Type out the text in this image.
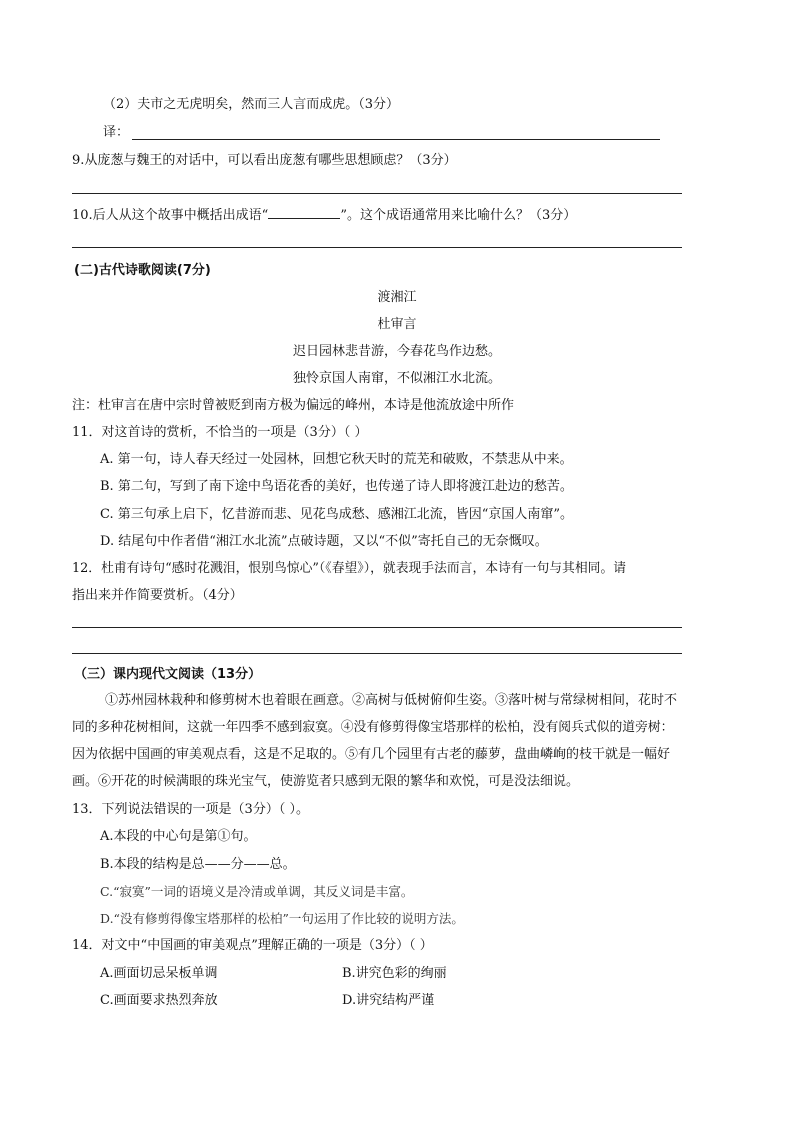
（2）夫市之无虎明矣，然而三人言而成虎。（3分）
译：
9.从庞葱与魏王的对话中，可以看出庞葱有哪些思想顾虑？（3分）
10.后人从这个故事中概括出成语“	”。这个成语通常用来比喻什么？（3分）
(二)古代诗歌阅读(7分)
渡湘江
杜审言
迟日园林悲昔游，今春花鸟作边愁。
独怜京国人南窜，不似湘江水北流。
注：杜审言在唐中宗时曾被贬到南方极为偏远的峰州，本诗是他流放途中所作
11．对这首诗的赏析，不恰当的一项是（3分）（ ）
A. 第一句，诗人春天经过一处园林，回想它秋天时的荒芜和破败，不禁悲从中来。
B. 第二句，写到了南下途中鸟语花香的美好，也传递了诗人即将渡江赴边的愁苦。
C. 第三句承上启下，忆昔游而悲、见花鸟成愁、感湘江北流，皆因“京国人南窜”。
D. 结尾句中作者借“湘江水北流”点破诗题，又以“不似”寄托自己的无奈慨叹。
12．杜甫有诗句“感时花溅泪，恨别鸟惊心”（《春望》），就表现手法而言，本诗有一句与其相同。请
指出来并作简要赏析。（4分）
（三）课内现代文阅读（13分）
①苏州园林栽种和修剪树木也着眼在画意。②高树与低树俯仰生姿。③落叶树与常绿树相间，花时不
同的多种花树相间，这就一年四季不感到寂寞。④没有修剪得像宝塔那样的松柏，没有阅兵式似的道旁树：
因为依据中国画的审美观点看，这是不足取的。⑤有几个园里有古老的藤萝，盘曲嶙峋的枝干就是一幅好
画。⑥开花的时候满眼的珠光宝气，使游览者只感到无限的繁华和欢悦，可是没法细说。
13．下列说法错误的一项是（3分）（ ）。
A.本段的中心句是第①句。
B.本段的结构是总——分——总。
C.“寂寞”一词的语境义是冷清或单调，其反义词是丰富。
D.“没有修剪得像宝塔那样的松柏”一句运用了作比较的说明方法。
14．对文中“中国画的审美观点”理解正确的一项是（3分）（ ）
A.画面切忌呆板单调	B.讲究色彩的绚丽
C.画面要求热烈奔放	D.讲究结构严谨
